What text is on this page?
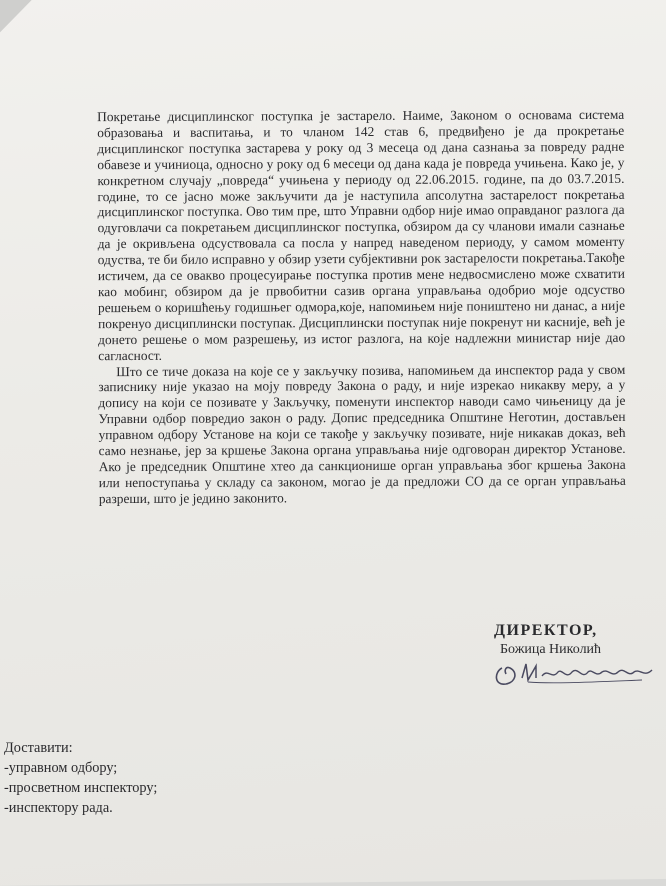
Покретање дисциплинског поступка је застарело. Наиме, Законом о основама система образовања и васпитања, и то чланом 142 став 6, предвиђено је да прокретање дисциплинског поступка застарева у року од 3 месеца од дана сазнања за повреду радне обавезе и учиниоца, односно у року од 6 месеци од дана када је повреда учињена. Како је, у конкретном случају „повреда“ учињена у периоду од 22.06.2015. године, па до 03.7.2015. године, то се јасно може закључити да је наступила апсолутна застарелост покретања дисциплинског поступка. Ово тим пре, што Управни одбор није имао оправданог разлога да одуговлачи са покретањем дисциплинског поступка, обзиром да су чланови имали сазнање да је окривљена одсуствовала са посла у напред наведеном периоду, у самом моменту одуства, те би било исправно у обзир узети субјективни рок застарелости покретања.Такође истичем, да се овакво процесуирање поступка против мене недвосмислено може схватити као мобинг, обзиром да је првобитни сазив органа управљања одобрио моје одсуство решењем о коришћењу годишњег одмора,које, напомињем није поништено ни данас, а није покренуо дисциплински поступак. Дисциплински поступак није покренут ни касније, већ је донето решење о мом разрешењу, из истог разлога, на које надлежни министар није дао сагласност.

Што се тиче доказа на које се у закључку позива, напомињем да инспектор рада у свом записнику није указао на моју повреду Закона о раду, и није изрекао никакву меру, а у допису на који се позивате у Закључку, поменути инспектор наводи само чињеницу да је Управни одбор повредио закон о раду. Допис председника Општине Неготин, достављен управном одбору Установе на који се такође у закључку позивате, није никакав доказ, већ само незнање, јер за кршење Закона органа управљања није одговоран директор Установе. Ако је председник Општине хтео да санкционише орган управљања због кршења Закона или непоступања у складу са законом, могао је да предложи СО да се орган управљања разреши, што је једино законито.

ДИРЕКТОР,

Божица Николић

Доставити:
-управном одбору;
-просветном инспектору;
-инспектору рада.
